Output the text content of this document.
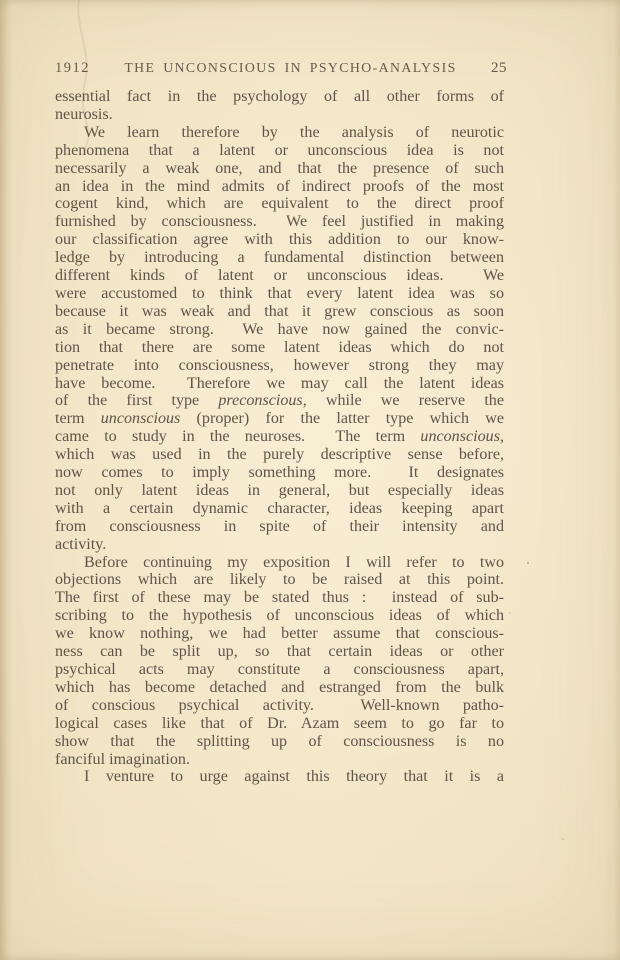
1912	THE UNCONSCIOUS IN PSYCHO-ANALYSIS	25
essential fact in the psychology of all other forms of
neurosis.
We learn therefore by the analysis of neurotic
phenomena that a latent or unconscious idea is not
necessarily a weak one, and that the presence of such
an idea in the mind admits of indirect proofs of the most
cogent kind, which are equivalent to the direct proof
furnished by consciousness.  We feel justified in making
our classification agree with this addition to our know-
ledge by introducing a fundamental distinction between
different kinds of latent or unconscious ideas.  We
were accustomed to think that every latent idea was so
because it was weak and that it grew conscious as soon
as it became strong.  We have now gained the convic-
tion that there are some latent ideas which do not
penetrate into consciousness, however strong they may
have become.  Therefore we may call the latent ideas
of the first type preconscious, while we reserve the
term unconscious (proper) for the latter type which we
came to study in the neuroses.  The term unconscious,
which was used in the purely descriptive sense before,
now comes to imply something more.  It designates
not only latent ideas in general, but especially ideas
with a certain dynamic character, ideas keeping apart
from consciousness in spite of their intensity and
activity.
Before continuing my exposition I will refer to two
objections which are likely to be raised at this point.
The first of these may be stated thus :  instead of sub-
scribing to the hypothesis of unconscious ideas of which
we know nothing, we had better assume that conscious-
ness can be split up, so that certain ideas or other
psychical acts may constitute a consciousness apart,
which has become detached and estranged from the bulk
of conscious psychical activity.  Well-known patho-
logical cases like that of Dr. Azam seem to go far to
show that the splitting up of consciousness is no
fanciful imagination.
I venture to urge against this theory that it is a
